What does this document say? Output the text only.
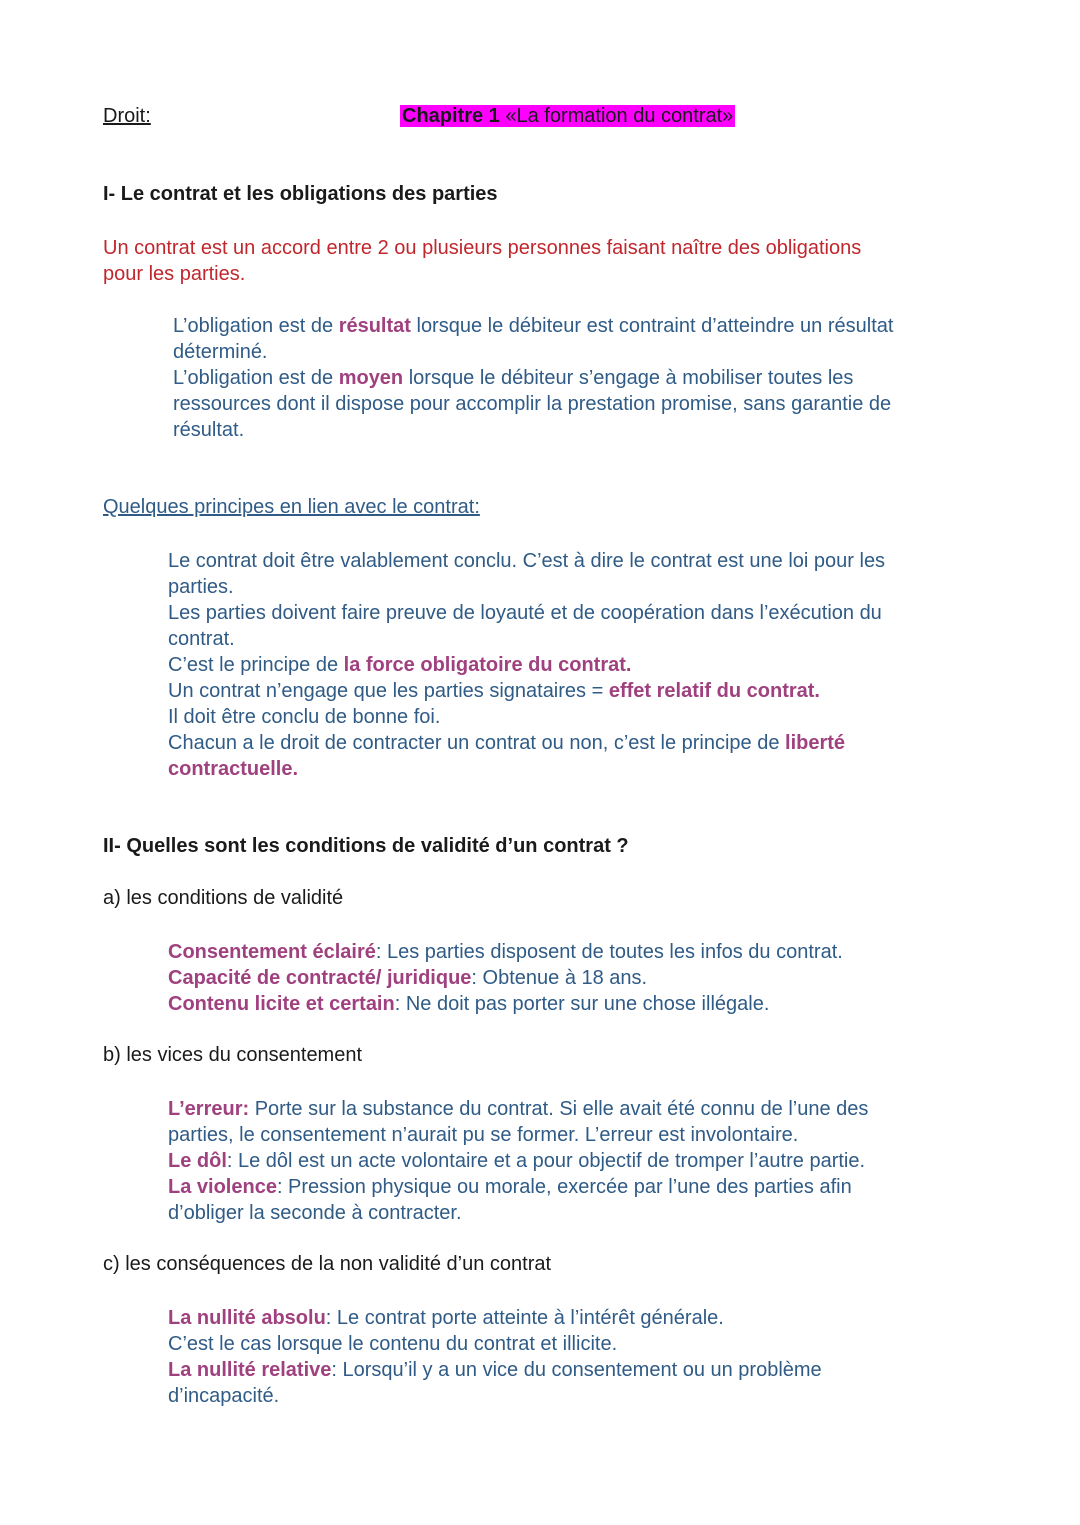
Droit:	Chapitre 1 «La formation du contrat»
I- Le contrat et les obligations des parties
Un contrat est un accord entre 2 ou plusieurs personnes faisant naître des obligations
pour les parties.
L’obligation est de résultat lorsque le débiteur est contraint d’atteindre un résultat
déterminé.
L’obligation est de moyen lorsque le débiteur s’engage à mobiliser toutes les
ressources dont il dispose pour accomplir la prestation promise, sans garantie de
résultat.
Quelques principes en lien avec le contrat:
Le contrat doit être valablement conclu. C’est à dire le contrat est une loi pour les
parties.
Les parties doivent faire preuve de loyauté et de coopération dans l’exécution du
contrat.
C’est le principe de la force obligatoire du contrat.
Un contrat n’engage que les parties signataires = effet relatif du contrat.
Il doit être conclu de bonne foi.
Chacun a le droit de contracter un contrat ou non, c’est le principe de liberté
contractuelle.
II- Quelles sont les conditions de validité d’un contrat ?
a) les conditions de validité
Consentement éclairé: Les parties disposent de toutes les infos du contrat.
Capacité de contracté/ juridique: Obtenue à 18 ans.
Contenu licite et certain: Ne doit pas porter sur une chose illégale.
b) les vices du consentement
L’erreur: Porte sur la substance du contrat. Si elle avait été connu de l’une des
parties, le consentement n’aurait pu se former. L’erreur est involontaire.
Le dôl: Le dôl est un acte volontaire et a pour objectif de tromper l’autre partie.
La violence: Pression physique ou morale, exercée par l’une des parties afin
d’obliger la seconde à contracter.
c) les conséquences de la non validité d’un contrat
La nullité absolu: Le contrat porte atteinte à l’intérêt générale.
C’est le cas lorsque le contenu du contrat et illicite.
La nullité relative: Lorsqu’il y a un vice du consentement ou un problème
d’incapacité.
